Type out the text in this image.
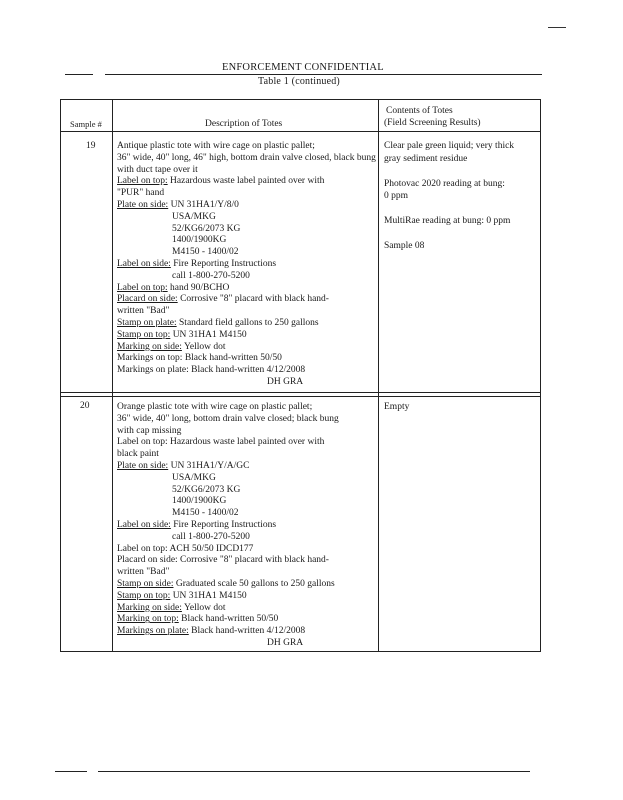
ENFORCEMENT CONFIDENTIAL
Table 1 (continued)
Sample #	Description of Totes
Contents of Totes
(Field Screening Results)
19 Antique plastic tote with wire cage on plastic pallet;
36" wide, 40" long, 46" high, bottom drain valve closed, black bung
with duct tape over it
Label on top: Hazardous waste label painted over with
"PUR" hand
Plate on side: UN 31HA1/Y/8/0
USA/MKG
52/KG6/2073 KG
1400/1900KG
M4150 - 1400/02
Label on side: Fire Reporting Instructions
call 1-800-270-5200
Label on top: hand 90/BCHO
Placard on side: Corrosive "8" placard with black hand-
written "Bad"
Stamp on plate: Standard field gallons to 250 gallons
Stamp on top: UN 31HA1 M4150
Marking on side: Yellow dot
Markings on top: Black hand-written 50/50
Markings on plate: Black hand-written 4/12/2008
DH GRA
Clear pale green liquid; very thick
gray sediment residue
Photovac 2020 reading at bung:
0 ppm
MultiRae reading at bung: 0 ppm
Sample 08
20	Orange plastic tote with wire cage on plastic pallet;
36" wide, 40" long, bottom drain valve closed; black bung
with cap missing
Label on top: Hazardous waste label painted over with
black paint
Plate on side: UN 31HA1/Y/A/GC
USA/MKG
52/KG6/2073 KG
1400/1900KG
M4150 - 1400/02
Label on side: Fire Reporting Instructions
call 1-800-270-5200
Label on top: ACH 50/50 IDCD177
Placard on side: Corrosive "8" placard with black hand-
written "Bad"
Stamp on side: Graduated scale 50 gallons to 250 gallons
Stamp on top: UN 31HA1 M4150
Marking on side: Yellow dot
Marking on top: Black hand-written 50/50
Markings on plate: Black hand-written 4/12/2008
DH GRA
Empty
